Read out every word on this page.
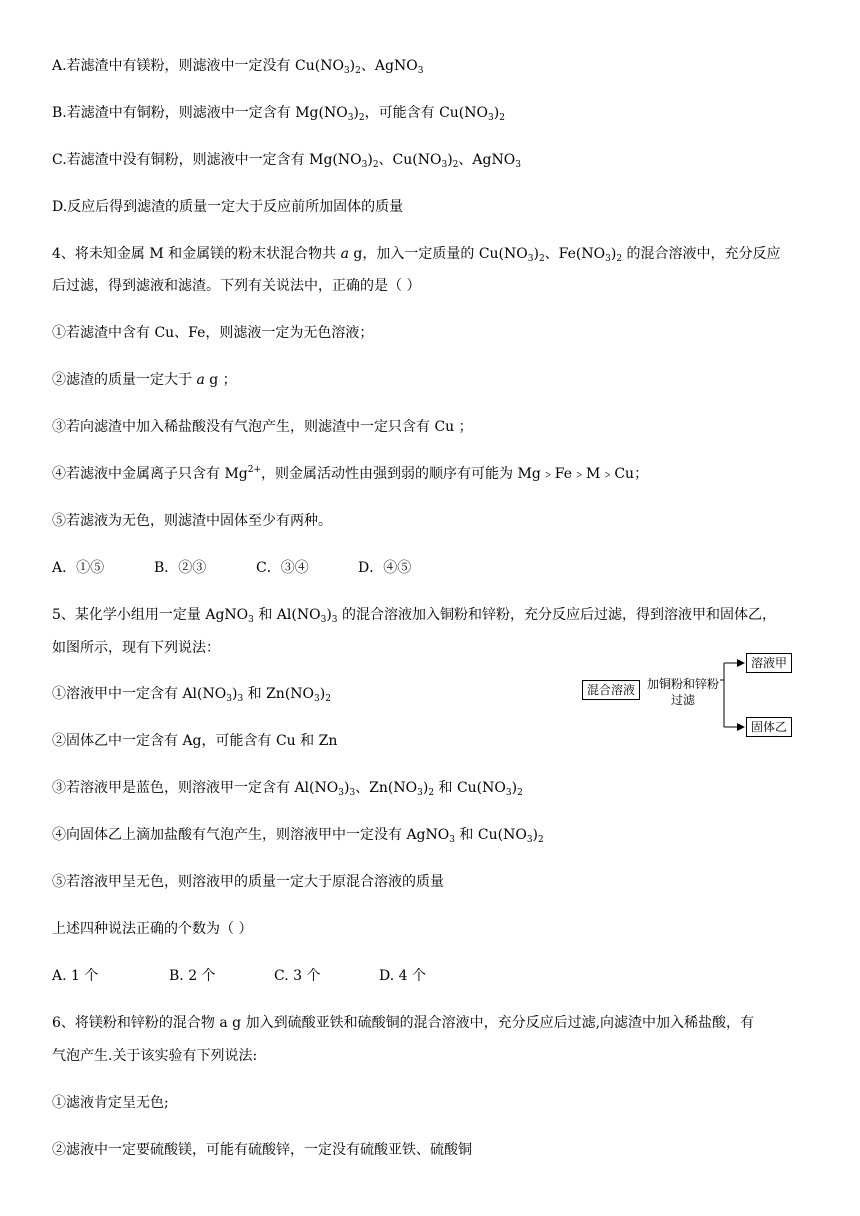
A.若滤渣中有镁粉，则滤液中一定没有 $Cu(NO_3)_2$、AgNO$_3$
B.若滤渣中有铜粉，则滤液中一定含有 $Mg(NO_3)_2$，可能含有 $Cu(NO_3)_2$
C.若滤渣中没有铜粉，则滤液中一定含有 $Mg(NO_3)_2$、$Cu(NO_3)_2$、AgNO$_3$
D.反应后得到滤渣的质量一定大于反应前所加固体的质量
4、将未知金属 M 和金属镁的粉末状混合物共 a g，加入一定质量的 $Cu(NO_3)_2$、$Fe(NO_3)_2$ 的混合溶液中，充分反应
后过滤，得到滤液和滤渣。下列有关说法中，正确的是（ ）
①若滤渣中含有 Cu、Fe，则滤液一定为无色溶液；
②滤渣的质量一定大于 a g ；
③若向滤渣中加入稀盐酸没有气泡产生，则滤渣中一定只含有 Cu ；
④若滤液中金属离子只含有 $Mg^{2+}$，则金属活动性由强到弱的顺序有可能为 Mg﹥Fe﹥M﹥Cu；
⑤若滤液为无色，则滤渣中固体至少有两种。
A．①⑤	B．②③	C．③④	D．④⑤
5、某化学小组用一定量 AgNO$_3$ 和 $Al(NO_3)_3$ 的混合溶液加入铜粉和锌粉，充分反应后过滤，得到溶液甲和固体乙，
如图所示，现有下列说法：
①溶液甲中一定含有 $Al(NO_3)_3$ 和 $Zn(NO_3)_2$
②固体乙中一定含有 Ag，可能含有 Cu 和 Zn
③若溶液甲是蓝色，则溶液甲一定含有 $Al(NO_3)_3$、$Zn(NO_3)_2$ 和 $Cu(NO_3)_2$
④向固体乙上滴加盐酸有气泡产生，则溶液甲中一定没有 AgNO$_3$ 和 $Cu(NO_3)_2$
⑤若溶液甲呈无色，则溶液甲的质量一定大于原混合溶液的质量
上述四种说法正确的个数为（ ）
A. 1 个	B. 2 个	C. 3 个	D. 4 个
混合溶液 加铜粉和锌粉
过滤
溶液甲
固体乙
6、将镁粉和锌粉的混合物 a g 加入到硫酸亚铁和硫酸铜的混合溶液中，充分反应后过滤,向滤渣中加入稀盐酸，有
气泡产生.关于该实验有下列说法:
①滤液肯定呈无色;
②滤液中一定要硫酸镁，可能有硫酸锌，一定没有硫酸亚铁、硫酸铜
